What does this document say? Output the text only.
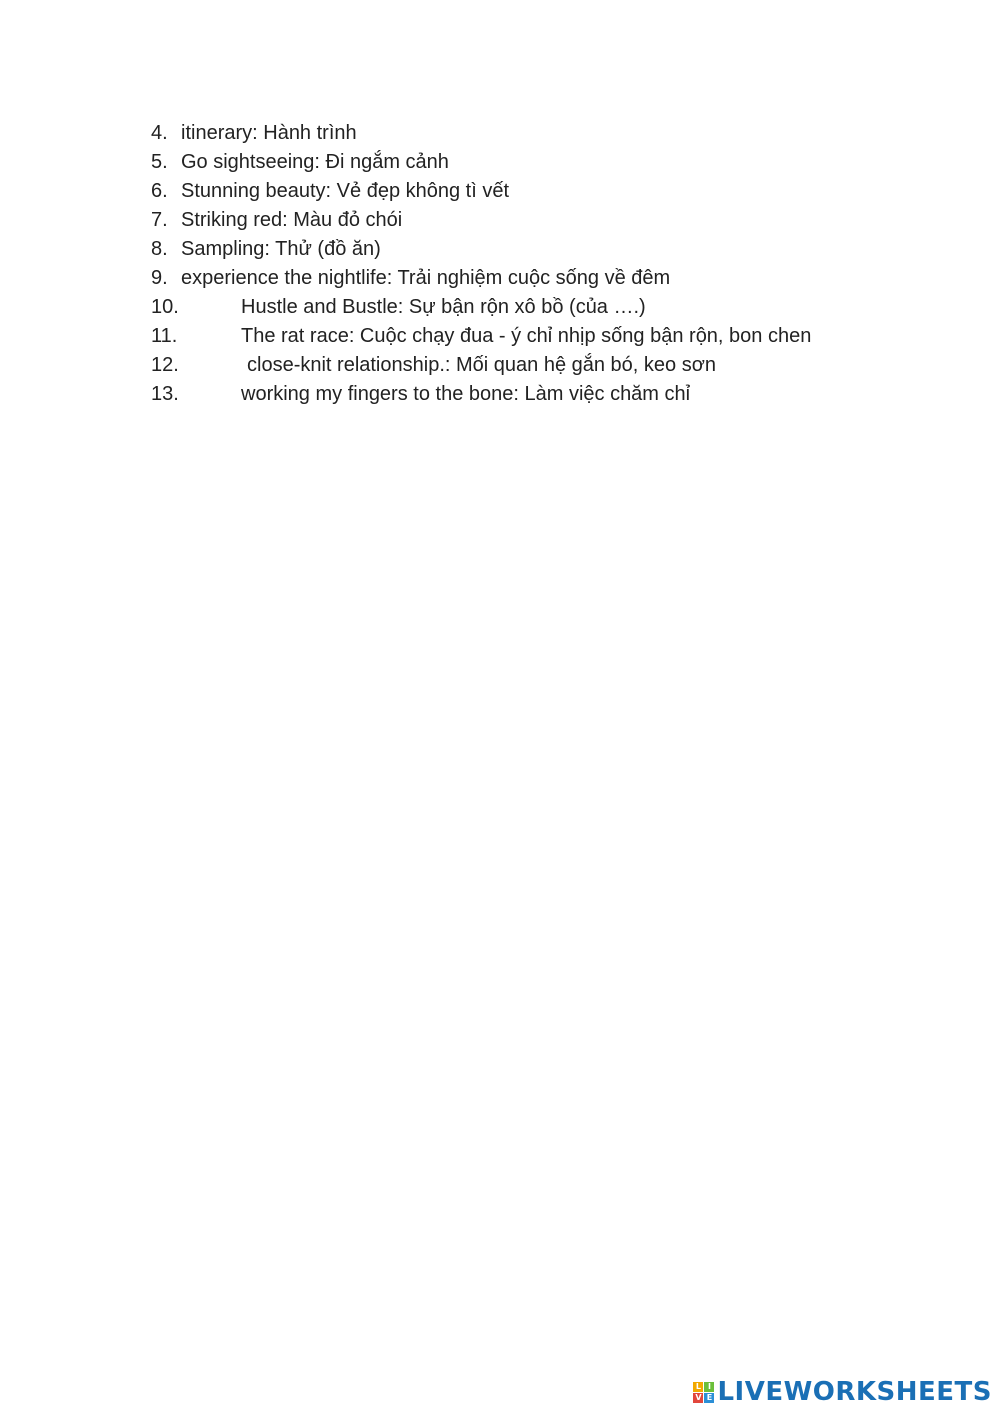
4. itinerary: Hành trình
5. Go sightseeing: Đi ngắm cảnh
6. Stunning beauty: Vẻ đẹp không tì vết
7. Striking red: Màu đỏ chói
8. Sampling: Thử (đồ ăn)
9. experience the nightlife: Trải nghiệm cuộc sống về đêm
10.	Hustle and Bustle: Sự bận rộn xô bồ (của ….)
11.	The rat race: Cuộc chạy đua - ý chỉ nhịp sống bận rộn, bon chen
12.	close-knit relationship.: Mối quan hệ gắn bó, keo sơn
13.	working my fingers to the bone: Làm việc chăm chỉ
L I
V E LIVEWORKSHEETS
